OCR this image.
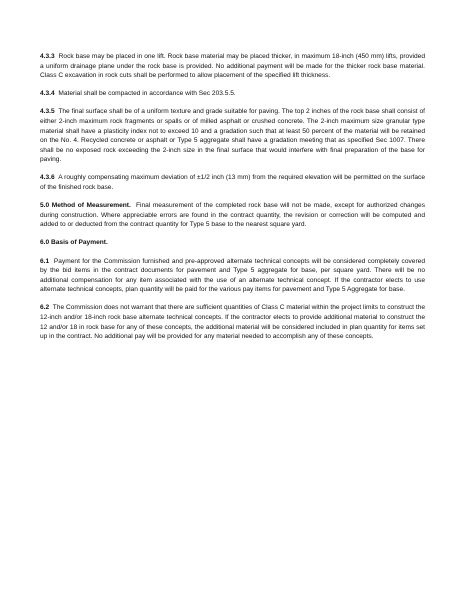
4.3.3 Rock base may be placed in one lift. Rock base material may be placed thicker, in maximum 18-inch (450 mm) lifts, provided a uniform drainage plane under the rock base is provided. No additional payment will be made for the thicker rock base material. Class C excavation in rock cuts shall be performed to allow placement of the specified lift thickness.

4.3.4 Material shall be compacted in accordance with Sec 203.5.5.

4.3.5 The final surface shall be of a uniform texture and grade suitable for paving. The top 2 inches of the rock base shall consist of either 2-inch maximum rock fragments or spalls or of milled asphalt or crushed concrete. The 2-inch maximum size granular type material shall have a plasticity index not to exceed 10 and a gradation such that at least 50 percent of the material will be retained on the No. 4. Recycled concrete or asphalt or Type 5 aggregate shall have a gradation meeting that as specified Sec 1007. There shall be no exposed rock exceeding the 2-inch size in the final surface that would interfere with final preparation of the base for paving.

4.3.6 A roughly compensating maximum deviation of ±1/2 inch (13 mm) from the required elevation will be permitted on the surface of the finished rock base.

5.0 Method of Measurement. Final measurement of the completed rock base will not be made, except for authorized changes during construction. Where appreciable errors are found in the contract quantity, the revision or correction will be computed and added to or deducted from the contract quantity for Type 5 base to the nearest square yard.

6.0 Basis of Payment.

6.1 Payment for the Commission furnished and pre-approved alternate technical concepts will be considered completely covered by the bid items in the contract documents for pavement and Type 5 aggregate for base, per square yard. There will be no additional compensation for any item associated with the use of an alternate technical concept. If the contractor elects to use alternate technical concepts, plan quantity will be paid for the various pay items for pavement and Type 5 Aggregate for base.

6.2 The Commission does not warrant that there are sufficient quantities of Class C material within the project limits to construct the 12-inch and/or 18-inch rock base alternate technical concepts. If the contractor elects to provide additional material to construct the 12 and/or 18 in rock base for any of these concepts, the additional material will be considered included in plan quantity for items set up in the contract. No additional pay will be provided for any material needed to accomplish any of these concepts.
